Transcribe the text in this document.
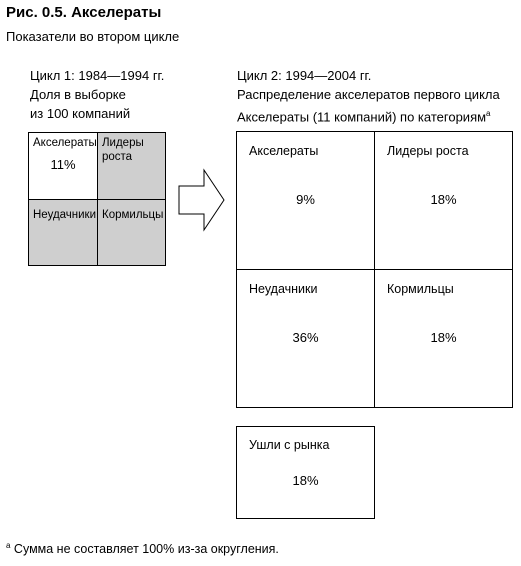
Рис. 0.5. Акселераты
Показатели во втором цикле
Цикл 1: 1984—1994 гг.
Доля в выборке
из 100 компаний
Акселераты
11%
Лидеры роста
Неудачники Кормильцы
Цикл 2: 1994—2004 гг.
Распределение акселератов первого цикла
Акселераты (11 компаний) по категориям$^a$
Акселераты
9%
Лидеры роста
18%
Неудачники
36%
Кормильцы
18%
Ушли с рынка
18%
$^a$ Сумма не составляет 100% из-за округления.
